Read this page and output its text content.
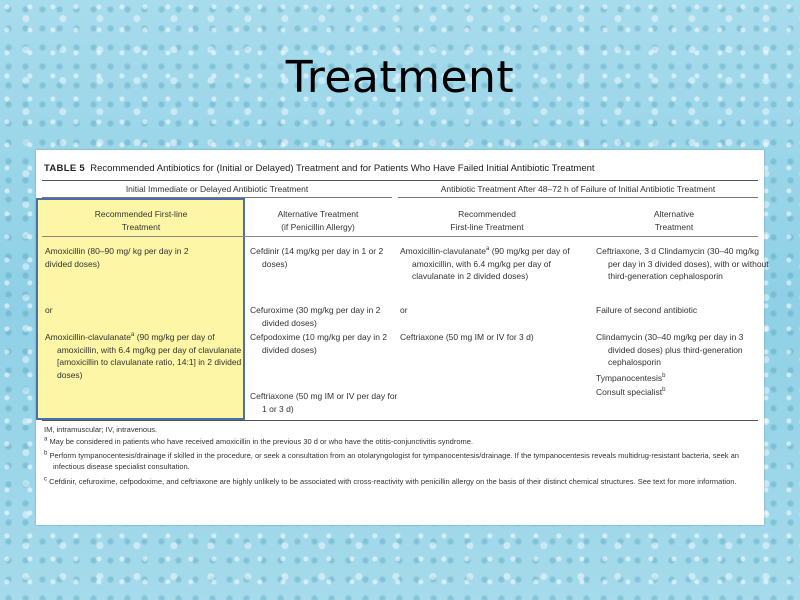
Treatment
TABLE 5 Recommended Antibiotics for (Initial or Delayed) Treatment and for Patients Who Have Failed Initial Antibiotic Treatment
Initial Immediate or Delayed Antibiotic Treatment	Antibiotic Treatment After 48–72 h of Failure of Initial Antibiotic Treatment
Recommended First-line
Treatment
Alternative Treatment
(if Penicillin Allergy)
Recommended
First-line Treatment
Alternative
Treatment
Amoxicillin (80–90 mg/ kg per day in 2 divided doses)
or
Amoxicillin-clavulanate$^a$ (90 mg/kg per day of amoxicillin, with 6.4 mg/kg per day of clavulanate [amoxicillin to clavulanate ratio, 14:1] in 2 divided doses)
Cefdinir (14 mg/kg per day in 1 or 2 doses)
Cefuroxime (30 mg/kg per day in 2 divided doses)
Cefpodoxime (10 mg/kg per day in 2 divided doses)
Ceftriaxone (50 mg IM or IV per day for 1 or 3 d)
Amoxicillin-clavulanate$^a$ (90 mg/kg per day of amoxicillin, with 6.4 mg/kg per day of clavulanate in 2 divided doses)
or
Ceftriaxone (50 mg IM or IV for 3 d)
Ceftriaxone, 3 d Clindamycin (30–40 mg/kg per day in 3 divided doses), with or without third-generation cephalosporin
Failure of second antibiotic
Clindamycin (30–40 mg/kg per day in 3 divided doses) plus third-generation cephalosporin
Tympanocentesis$^b$
Consult specialist$^b$
IM, intramuscular; IV, intravenous.
$^a$ May be considered in patients who have received amoxicillin in the previous 30 d or who have the otitis-conjunctivitis syndrome.
$^b$ Perform tympanocentesis/drainage if skilled in the procedure, or seek a consultation from an otolaryngologist for tympanocentesis/drainage. If the tympanocentesis reveals multidrug-resistant bacteria, seek an infectious disease specialist consultation.
$^c$ Cefdinir, cefuroxime, cefpodoxime, and ceftriaxone are highly unlikely to be associated with cross-reactivity with penicillin allergy on the basis of their distinct chemical structures. See text for more information.
